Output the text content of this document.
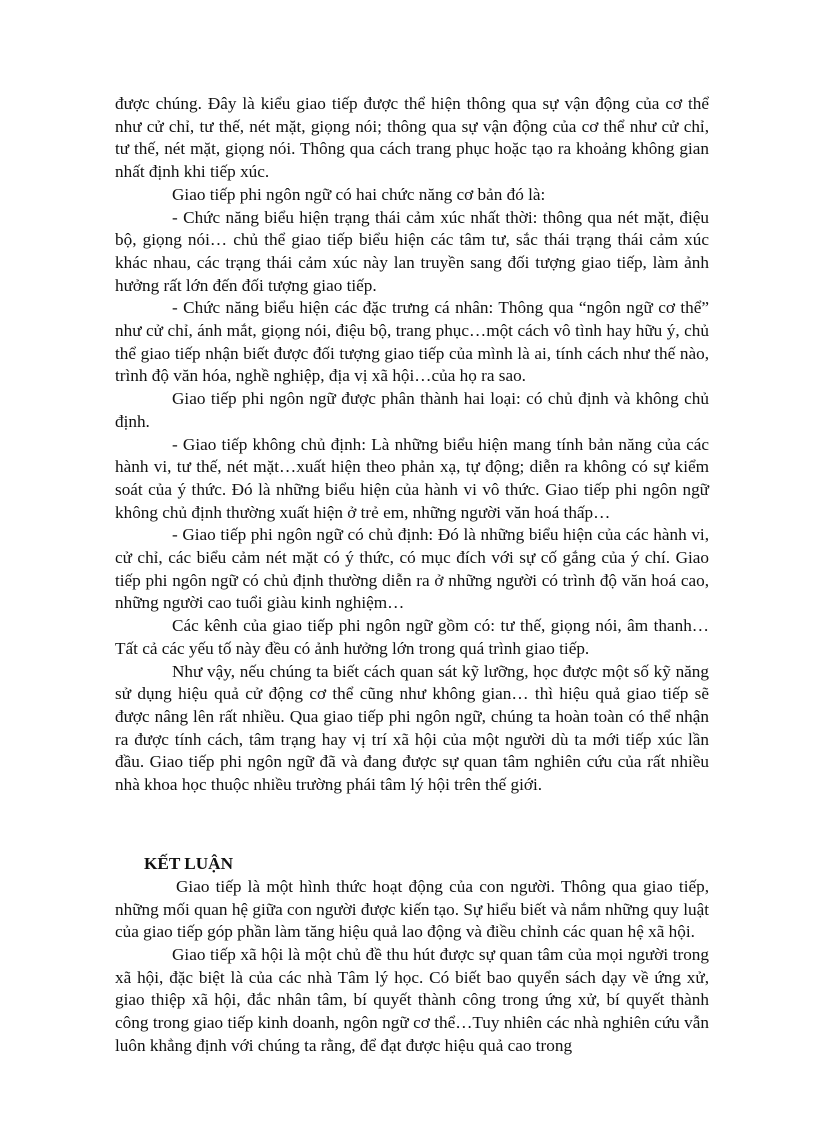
được chúng. Đây là kiểu giao tiếp được thể hiện thông qua sự vận động của cơ thể như cử chỉ, tư thế, nét mặt, giọng nói; thông qua sự vận động của cơ thể như cử chỉ, tư thế, nét mặt, giọng nói. Thông qua cách trang phục hoặc tạo ra khoảng không gian nhất định khi tiếp xúc.

Giao tiếp phi ngôn ngữ có hai chức năng cơ bản đó là:

- Chức năng biểu hiện trạng thái cảm xúc nhất thời: thông qua nét mặt, điệu bộ, giọng nói… chủ thể giao tiếp biểu hiện các tâm tư, sắc thái trạng thái cảm xúc khác nhau, các trạng thái cảm xúc này lan truyền sang đối tượng giao tiếp, làm ảnh hưởng rất lớn đến đối tượng giao tiếp.

- Chức năng biểu hiện các đặc trưng cá nhân: Thông qua “ngôn ngữ cơ thể” như cử chỉ, ánh mắt, giọng nói, điệu bộ, trang phục…một cách vô tình hay hữu ý, chủ thể giao tiếp nhận biết được đối tượng giao tiếp của mình là ai, tính cách như thế nào, trình độ văn hóa, nghề nghiệp, địa vị xã hội…của họ ra sao.

Giao tiếp phi ngôn ngữ được phân thành hai loại: có chủ định và không chủ định.

- Giao tiếp không chủ định: Là những biểu hiện mang tính bản năng của các hành vi, tư thế, nét mặt…xuất hiện theo phản xạ, tự động; diễn ra không có sự kiểm soát của ý thức. Đó là những biểu hiện của hành vi vô thức. Giao tiếp phi ngôn ngữ không chủ định thường xuất hiện ở trẻ em, những người văn hoá thấp…

- Giao tiếp phi ngôn ngữ có chủ định: Đó là những biểu hiện của các hành vi, cử chỉ, các biểu cảm nét mặt có ý thức, có mục đích với sự cố gắng của ý chí. Giao tiếp phi ngôn ngữ có chủ định thường diễn ra ở những người có trình độ văn hoá cao, những người cao tuổi giàu kinh nghiệm…

Các kênh của giao tiếp phi ngôn ngữ gồm có: tư thế, giọng nói, âm thanh…Tất cả các yếu tố này đều có ảnh hưởng lớn trong quá trình giao tiếp.

Như vậy, nếu chúng ta biết cách quan sát kỹ lưỡng, học được một số kỹ năng sử dụng hiệu quả cử động cơ thể cũng như không gian… thì hiệu quả giao tiếp sẽ được nâng lên rất nhiều. Qua giao tiếp phi ngôn ngữ, chúng ta hoàn toàn có thể nhận ra được tính cách, tâm trạng hay vị trí xã hội của một người dù ta mới tiếp xúc lần đầu. Giao tiếp phi ngôn ngữ đã và đang được sự quan tâm nghiên cứu của rất nhiều nhà khoa học thuộc nhiều trường phái tâm lý hội trên thế giới.

KẾT LUẬN

Giao tiếp là một hình thức hoạt động của con người. Thông qua giao tiếp, những mối quan hệ giữa con người được kiến tạo. Sự hiểu biết và nắm những quy luật của giao tiếp góp phần làm tăng hiệu quả lao động và điều chỉnh các quan hệ xã hội.

Giao tiếp xã hội là một chủ đề thu hút được sự quan tâm của mọi người trong xã hội, đặc biệt là của các nhà Tâm lý học. Có biết bao quyển sách dạy về ứng xử, giao thiệp xã hội, đắc nhân tâm, bí quyết thành công trong ứng xử, bí quyết thành công trong giao tiếp kinh doanh, ngôn ngữ cơ thể…Tuy nhiên các nhà nghiên cứu vẫn luôn khẳng định với chúng ta rằng, để đạt được hiệu quả cao trong
